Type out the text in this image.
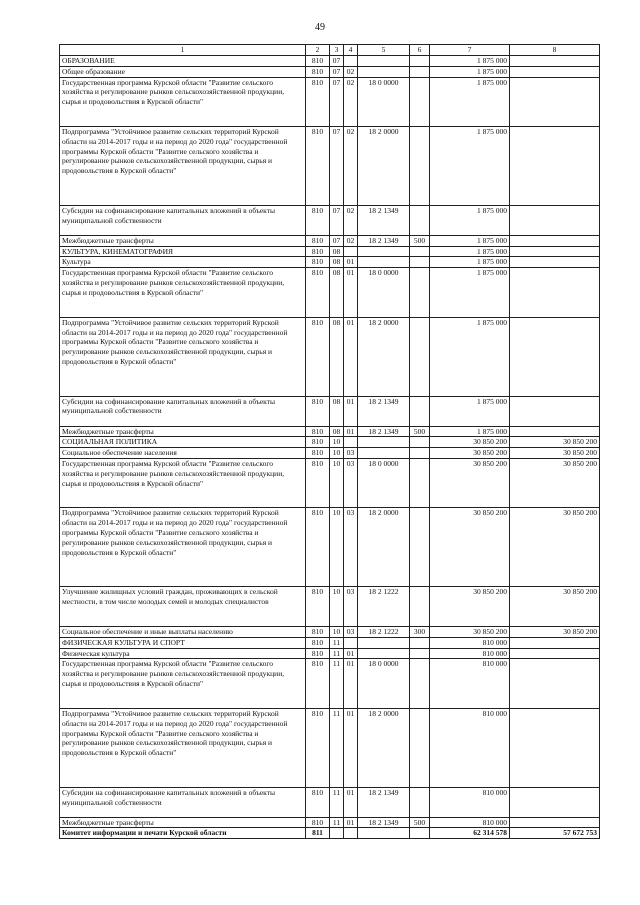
49
1	2	3	4	5	6	7	8
ОБРАЗОВАНИЕ	810	07				1 875 000	
Общее образование	810	07	02			1 875 000	
Государственная программа Курской области "Развитие сельского хозяйства и регулирование рынков сельскохозяйственной продукции, сырья и продовольствия в Курской области"	810	07	02	18 0 0000		1 875 000	
Подпрограмма "Устойчивое развитие сельских территорий Курской области на 2014-2017 годы и на период до 2020 года" государственной программы Курской области "Развитие сельского хозяйства и регулирование рынков сельскохозяйственной продукции, сырья и продовольствия в Курской области"	810	07	02	18 2 0000		1 875 000	
Субсидии на софинансирование капитальных вложений в объекты муниципальной собственности	810	07	02	18 2 1349		1 875 000	
Межбюджетные трансферты	810	07	02	18 2 1349	500	1 875 000	
КУЛЬТУРА, КИНЕМАТОГРАФИЯ	810	08				1 875 000	
Культура	810	08	01			1 875 000	
Государственная программа Курской области "Развитие сельского хозяйства и регулирование рынков сельскохозяйственной продукции, сырья и продовольствия в Курской области"	810	08	01	18 0 0000		1 875 000	
Подпрограмма "Устойчивое развитие сельских территорий Курской области на 2014-2017 годы и на период до 2020 года" государственной программы Курской области "Развитие сельского хозяйства и регулирование рынков сельскохозяйственной продукции, сырья и продовольствия в Курской области"	810	08	01	18 2 0000		1 875 000	
Субсидии на софинансирование капитальных вложений в объекты муниципальной собственности	810	08	01	18 2 1349		1 875 000	
Межбюджетные трансферты	810	08	01	18 2 1349	500	1 875 000	
СОЦИАЛЬНАЯ ПОЛИТИКА	810	10				30 850 200	30 850 200
Социальное обеспечение населения	810	10	03			30 850 200	30 850 200
Государственная программа Курской области "Развитие сельского хозяйства и регулирование рынков сельскохозяйственной продукции, сырья и продовольствия в Курской области"	810	10	03	18 0 0000		30 850 200	30 850 200
Подпрограмма "Устойчивое развитие сельских территорий Курской области на 2014-2017 годы и на период до 2020 года" государственной программы Курской области "Развитие сельского хозяйства и регулирование рынков сельскохозяйственной продукции, сырья и продовольствия в Курской области"	810	10	03	18 2 0000		30 850 200	30 850 200
Улучшение жилищных условий граждан, проживающих в сельской местности, в том числе молодых семей и молодых специалистов	810	10	03	18 2 1222		30 850 200	30 850 200
Социальное обеспечение и иные выплаты населению	810	10	03	18 2 1222	300	30 850 200	30 850 200
ФИЗИЧЕСКАЯ КУЛЬТУРА И СПОРТ	810	11				810 000	
Физическая культура	810	11	01			810 000	
Государственная программа Курской области "Развитие сельского хозяйства и регулирование рынков сельскохозяйственной продукции, сырья и продовольствия в Курской области"	810	11	01	18 0 0000		810 000	
Подпрограмма "Устойчивое развитие сельских территорий Курской области на 2014-2017 годы и на период до 2020 года" государственной программы Курской области "Развитие сельского хозяйства и регулирование рынков сельскохозяйственной продукции, сырья и продовольствия в Курской области"	810	11	01	18 2 0000		810 000	
Субсидии на софинансирование капитальных вложений в объекты муниципальной собственности	810	11	01	18 2 1349		810 000	
Межбюджетные трансферты	810	11	01	18 2 1349	500	810 000	
Комитет информации и печати Курской области	811					62 314 578	57 672 753
